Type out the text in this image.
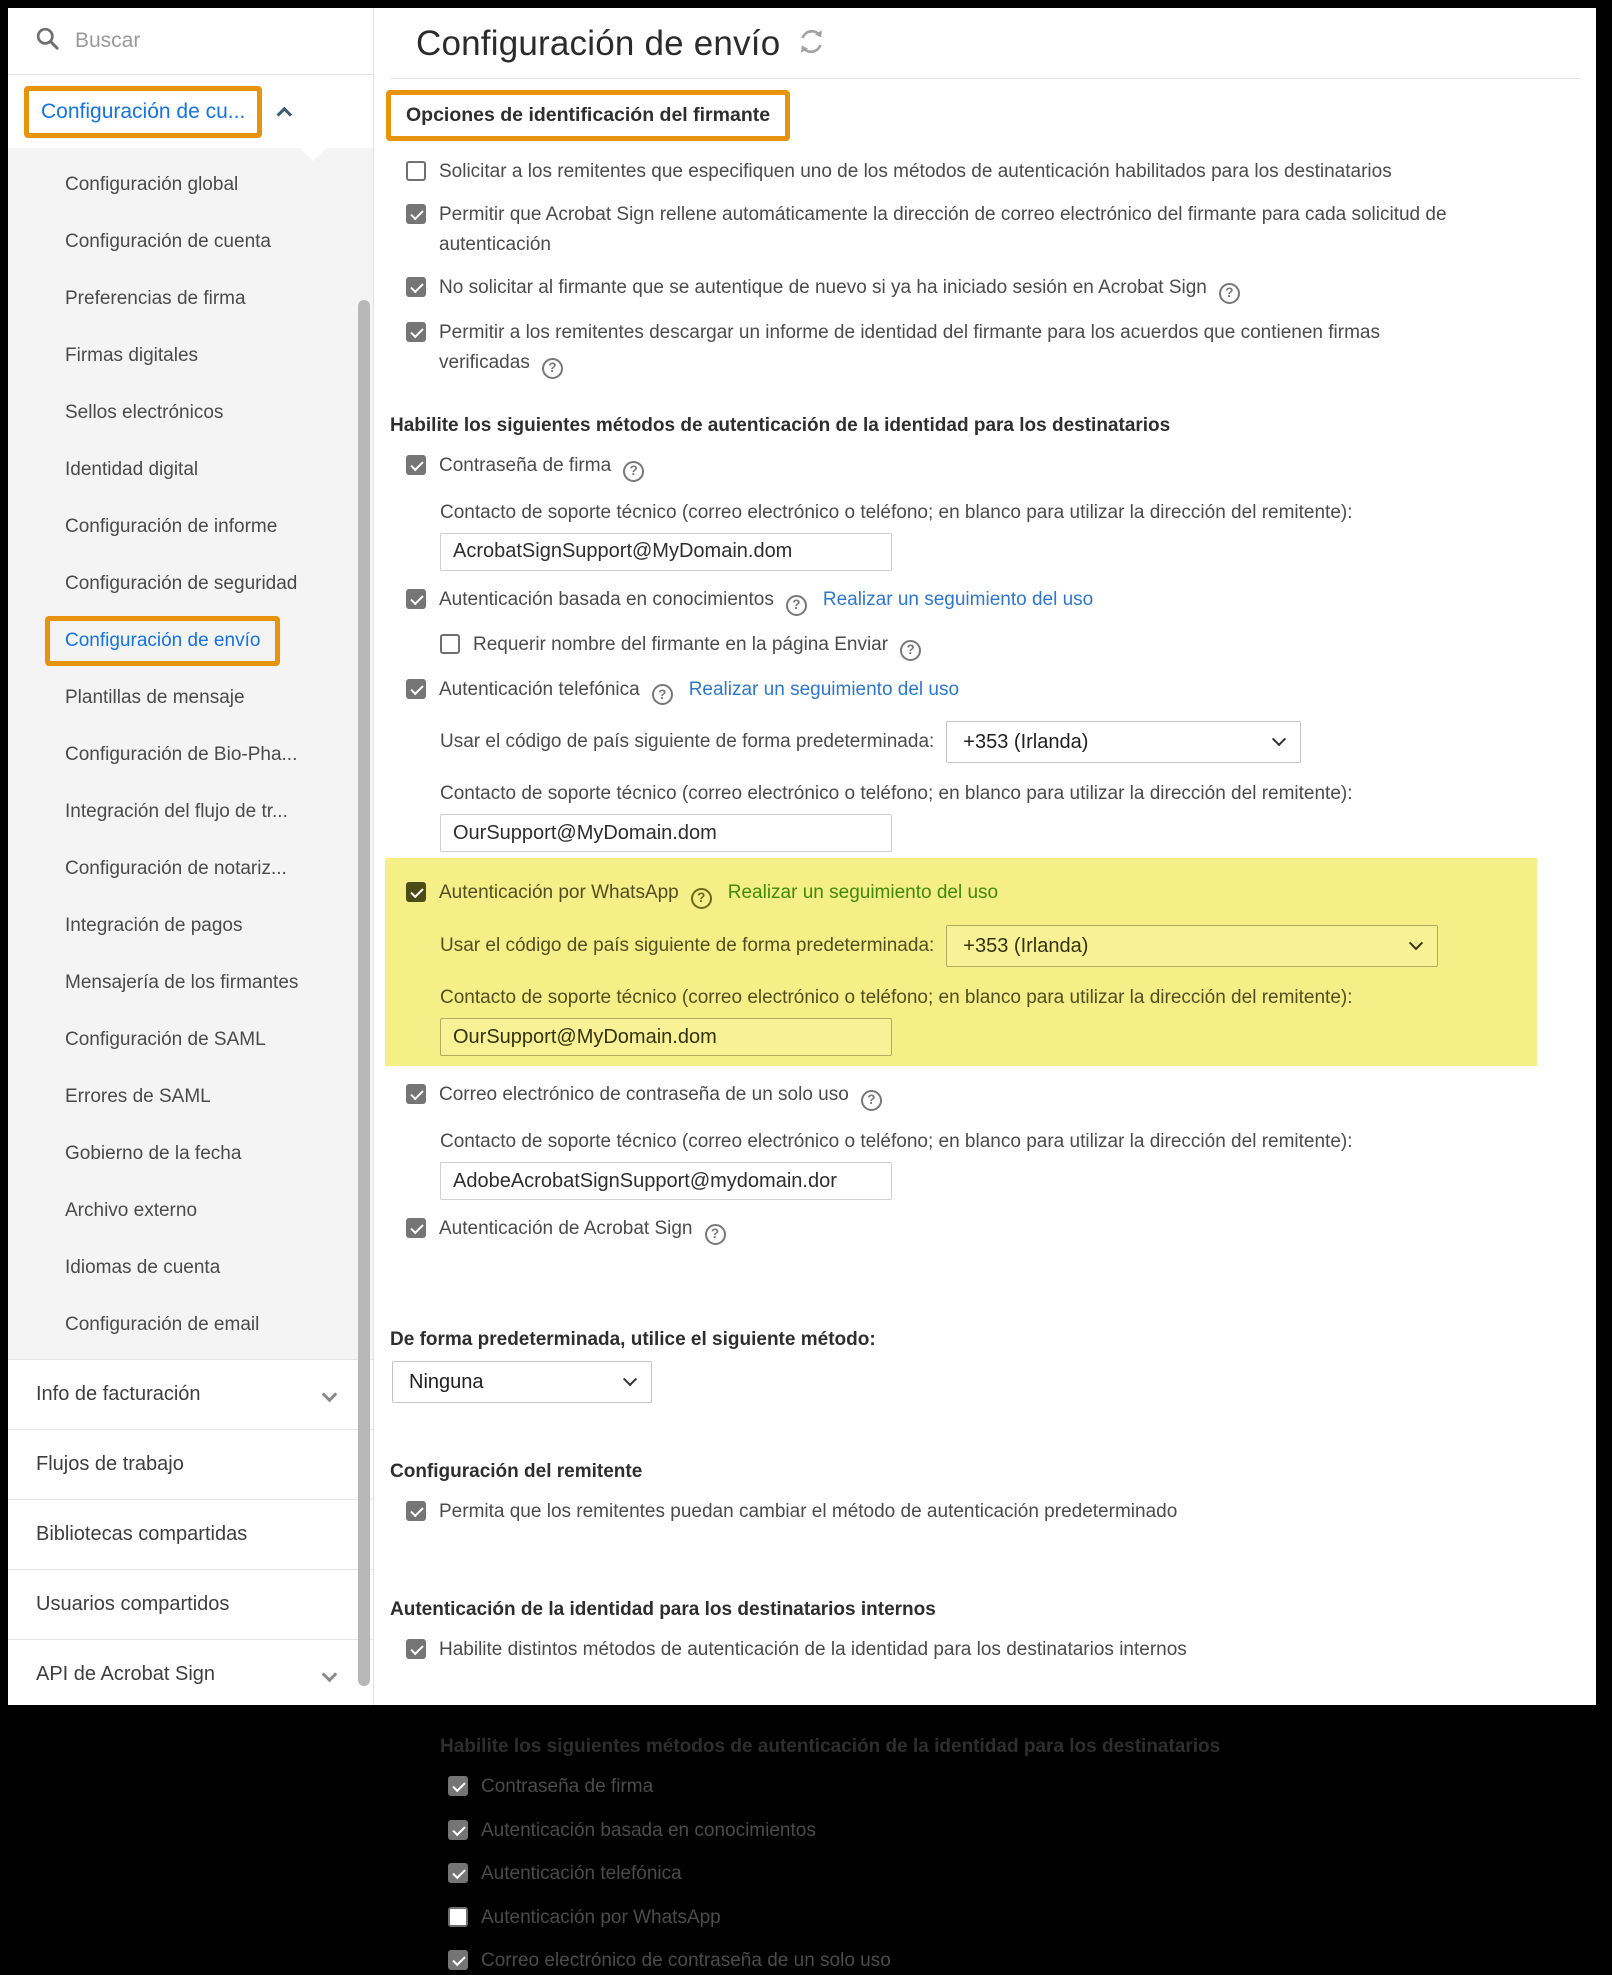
Buscar
Configuración de cu...
Configuración global
Configuración de cuenta
Preferencias de firma
Firmas digitales
Sellos electrónicos
Identidad digital
Configuración de informe
Configuración de seguridad
Configuración de envío
Plantillas de mensaje
Configuración de Bio-Pha...
Integración del flujo de tr...
Configuración de notariz...
Integración de pagos
Mensajería de los firmantes
Configuración de SAML
Errores de SAML
Gobierno de la fecha
Archivo externo
Idiomas de cuenta
Configuración de email
Info de facturación
Flujos de trabajo
Bibliotecas compartidas
Usuarios compartidos
API de Acrobat Sign
Configuración de envío
Opciones de identificación del firmante
Solicitar a los remitentes que especifiquen uno de los métodos de autenticación habilitados para los destinatarios
Permitir que Acrobat Sign rellene automáticamente la dirección de correo electrónico del firmante para cada solicitud de autenticación
No solicitar al firmante que se autentique de nuevo si ya ha iniciado sesión en Acrobat Sign ?
Permitir a los remitentes descargar un informe de identidad del firmante para los acuerdos que contienen firmas verificadas ?
Habilite los siguientes métodos de autenticación de la identidad para los destinatarios
Contraseña de firma ?
Contacto de soporte técnico (correo electrónico o teléfono; en blanco para utilizar la dirección del remitente):
AcrobatSignSupport@MyDomain.dom
Autenticación basada en conocimientos ? Realizar un seguimiento del uso
Requerir nombre del firmante en la página Enviar ?
Autenticación telefónica ? Realizar un seguimiento del uso
Usar el código de país siguiente de forma predeterminada: +353 (Irlanda)
Contacto de soporte técnico (correo electrónico o teléfono; en blanco para utilizar la dirección del remitente):
OurSupport@MyDomain.dom
Autenticación por WhatsApp ? Realizar un seguimiento del uso
Usar el código de país siguiente de forma predeterminada: +353 (Irlanda)
Contacto de soporte técnico (correo electrónico o teléfono; en blanco para utilizar la dirección del remitente):
OurSupport@MyDomain.dom
Correo electrónico de contraseña de un solo uso ?
Contacto de soporte técnico (correo electrónico o teléfono; en blanco para utilizar la dirección del remitente):
AdobeAcrobatSignSupport@mydomain.dor
Autenticación de Acrobat Sign ?
De forma predeterminada, utilice el siguiente método:
Ninguna
Configuración del remitente
Permita que los remitentes puedan cambiar el método de autenticación predeterminado
Autenticación de la identidad para los destinatarios internos
Habilite distintos métodos de autenticación de la identidad para los destinatarios internos
Habilite los siguientes métodos de autenticación de la identidad para los destinatarios
Contraseña de firma
Autenticación basada en conocimientos
Autenticación telefónica
Autenticación por WhatsApp
Correo electrónico de contraseña de un solo uso
